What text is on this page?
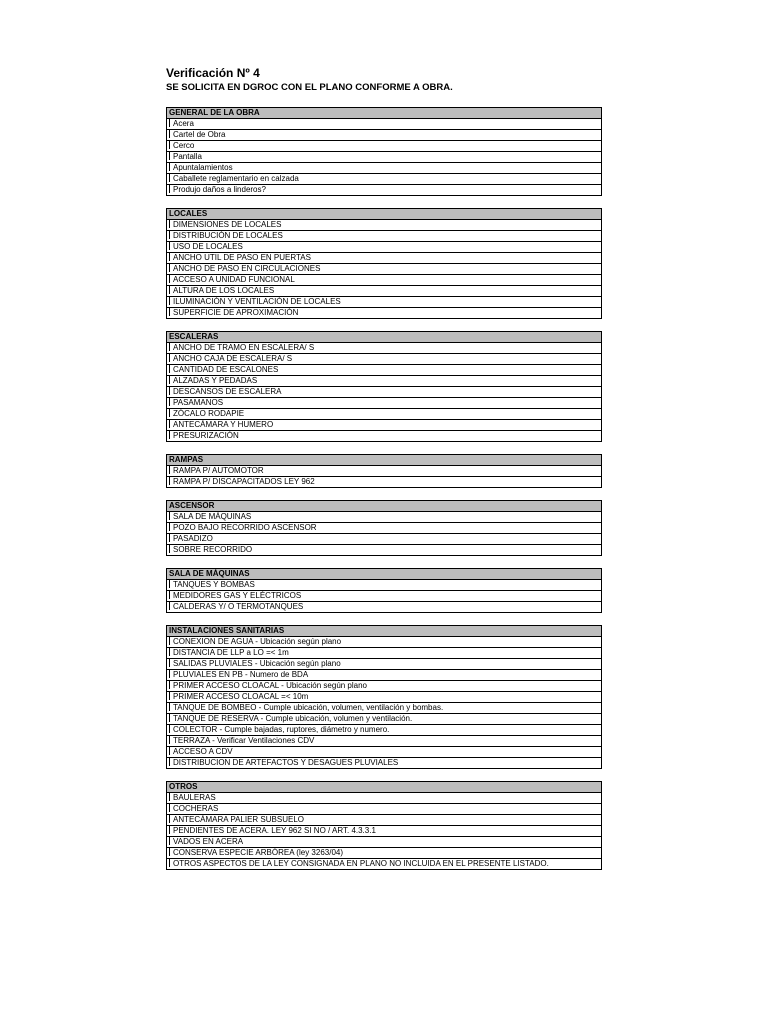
Verificación Nº 4
SE SOLICITA EN DGROC CON EL PLANO CONFORME A OBRA.
GENERAL DE LA OBRA
Acera
Cartel de Obra
Cerco
Pantalla
Apuntalamientos
Caballete reglamentario en calzada
Produjo daños a linderos?
LOCALES
DIMENSIONES DE LOCALES
DISTRIBUCIÓN DE LOCALES
USO DE LOCALES
ANCHO UTIL DE PASO EN PUERTAS
ANCHO DE PASO EN CIRCULACIONES
ACCESO A UNIDAD FUNCIONAL
ALTURA DE LOS LOCALES
ILUMINACIÓN Y VENTILACIÓN DE LOCALES
SUPERFICIE DE APROXIMACIÓN
ESCALERAS
ANCHO DE TRAMO EN ESCALERA/ S
ANCHO CAJA DE ESCALERA/ S
CANTIDAD DE ESCALONES
ALZADAS Y PEDADAS
DESCANSOS DE ESCALERA
PASAMANOS
ZÓCALO RODAPIE
ANTECÁMARA Y HUMERO
PRESURIZACIÓN
RAMPAS
RAMPA P/ AUTOMOTOR
RAMPA P/ DISCAPACITADOS LEY 962
ASCENSOR
SALA DE MÁQUINAS
POZO BAJO RECORRIDO ASCENSOR
PASADIZO
SOBRE RECORRIDO
SALA DE MÁQUINAS
TANQUES Y BOMBAS
MEDIDORES GAS Y ELÉCTRICOS
CALDERAS Y/ O TERMOTANQUES
INSTALACIONES SANITARIAS
CONEXION DE AGUA - Ubicación según plano
DISTANCIA DE LLP a LO =< 1m
SALIDAS PLUVIALES - Ubicación según plano
PLUVIALES EN PB - Numero de BDA
PRIMER ACCESO CLOACAL - Ubicación según plano
PRIMER ACCESO CLOACAL =< 10m
TANQUE DE BOMBEO - Cumple ubicación, volumen, ventilación y bombas.
TANQUE DE RESERVA - Cumple ubicación, volumen y ventilación.
COLECTOR - Cumple bajadas, ruptores, diámetro y numero.
TERRAZA - Verificar Ventilaciones CDV
ACCESO A CDV
DISTRIBUCION DE ARTEFACTOS Y DESAGUES PLUVIALES
OTROS
BAULERAS
COCHERAS
ANTECÁMARA PALIER SUBSUELO
PENDIENTES DE ACERA. LEY 962 SI NO / ART. 4.3.3.1
VADOS EN ACERA
CONSERVA ESPECIE ARBÓREA (ley 3263/04)
OTROS ASPECTOS DE LA LEY CONSIGNADA EN PLANO NO INCLUIDA EN EL PRESENTE LISTADO.
